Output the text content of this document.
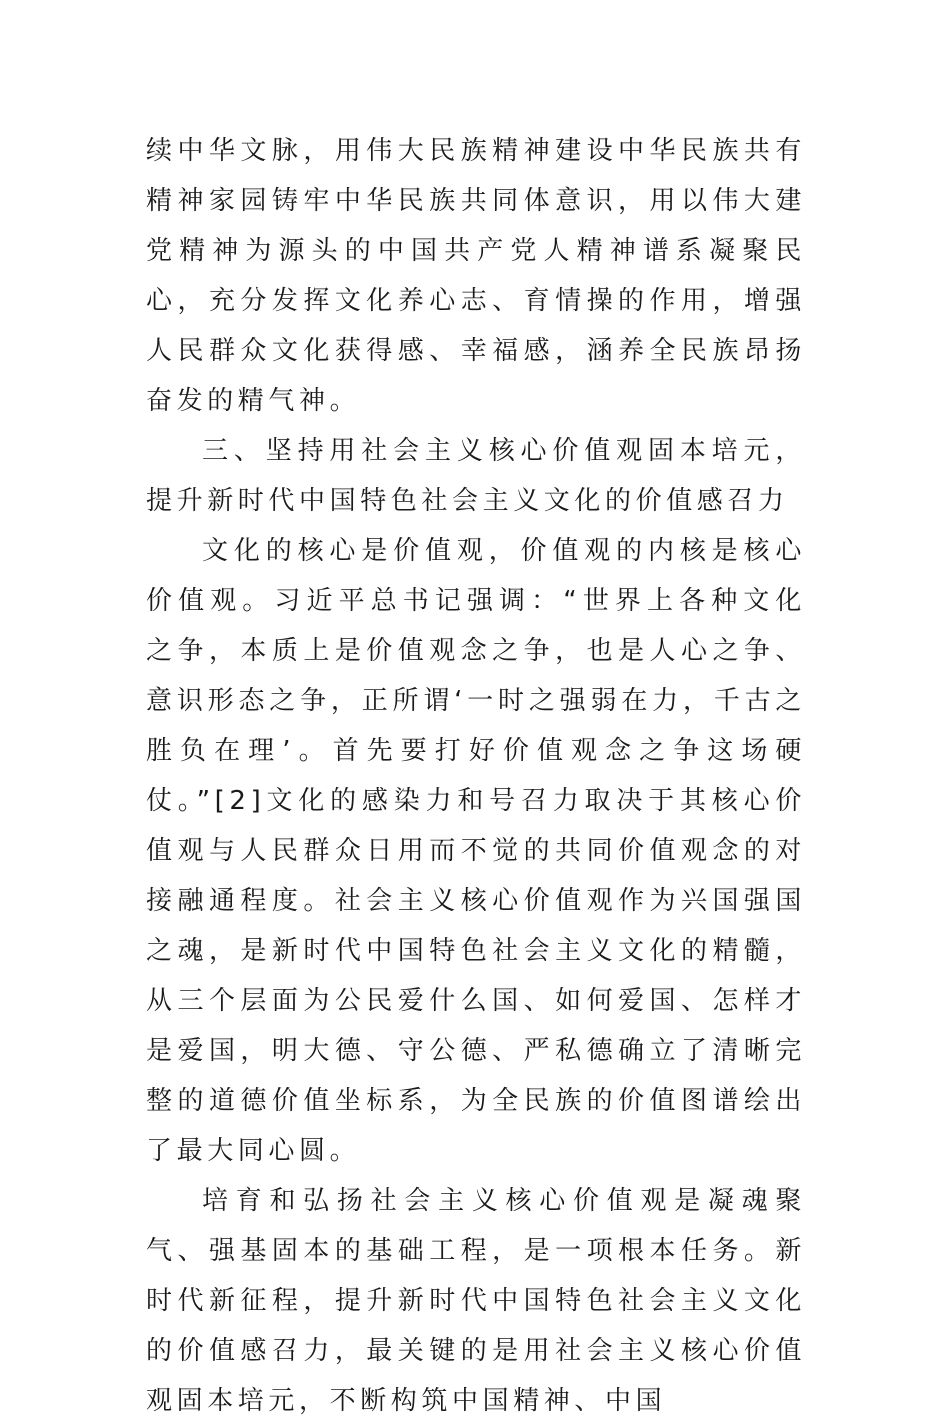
续中华文脉，用伟大民族精神建设中华民族共有精神家园铸牢中华民族共同体意识，用以伟大建党精神为源头的中国共产党人精神谱系凝聚民心，充分发挥文化养心志、育情操的作用，增强人民群众文化获得感、幸福感，涵养全民族昂扬奋发的精气神。

三、坚持用社会主义核心价值观固本培元，提升新时代中国特色社会主义文化的价值感召力

文化的核心是价值观，价值观的内核是核心价值观。习近平总书记强调：“世界上各种文化之争，本质上是价值观念之争，也是人心之争、意识形态之争，正所谓‘一时之强弱在力，千古之胜负在理’。首先要打好价值观念之争这场硬仗。”[2]文化的感染力和号召力取决于其核心价值观与人民群众日用而不觉的共同价值观念的对接融通程度。社会主义核心价值观作为兴国强国之魂，是新时代中国特色社会主义文化的精髓，从三个层面为公民爱什么国、如何爱国、怎样才是爱国，明大德、守公德、严私德确立了清晰完整的道德价值坐标系，为全民族的价值图谱绘出了最大同心圆。

培育和弘扬社会主义核心价值观是凝魂聚气、强基固本的基础工程，是一项根本任务。新时代新征程，提升新时代中国特色社会主义文化的价值感召力，最关键的是用社会主义核心价值观固本培元，不断构筑中国精神、中国
